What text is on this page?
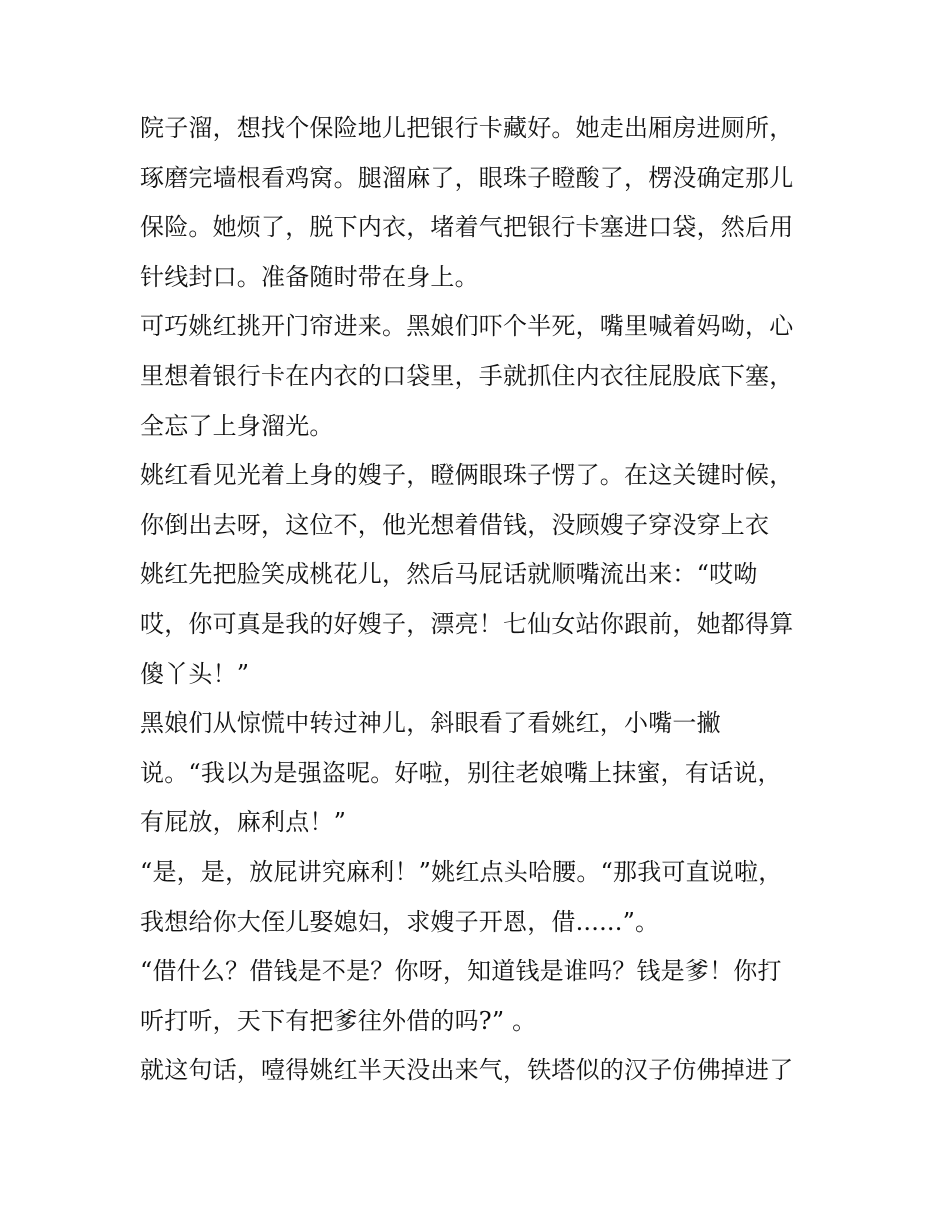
院子溜，想找个保险地儿把银行卡藏好。她走出厢房进厕所，
琢磨完墙根看鸡窝。腿溜麻了，眼珠子瞪酸了，楞没确定那儿
保险。她烦了，脱下内衣，堵着气把银行卡塞进口袋，然后用
针线封口。准备随时带在身上。
可巧姚红挑开门帘进来。黑娘们吓个半死，嘴里喊着妈呦，心
里想着银行卡在内衣的口袋里，手就抓住内衣往屁股底下塞，
全忘了上身溜光。
姚红看见光着上身的嫂子，瞪俩眼珠子愣了。在这关键时候，
你倒出去呀，这位不，他光想着借钱，没顾嫂子穿没穿上衣
姚红先把脸笑成桃花儿，然后马屁话就顺嘴流出来：“哎呦
哎，你可真是我的好嫂子，漂亮！七仙女站你跟前，她都得算
傻丫头！”
黑娘们从惊慌中转过神儿，斜眼看了看姚红，小嘴一撇
说。“我以为是强盗呢。好啦，别往老娘嘴上抹蜜，有话说，
有屁放，麻利点！”
“是，是，放屁讲究麻利！”姚红点头哈腰。“那我可直说啦，
我想给你大侄儿娶媳妇，求嫂子开恩，借......”。
“借什么？借钱是不是？你呀，知道钱是谁吗？钱是爹！你打
听打听，天下有把爹往外借的吗?” 。
就这句话，噎得姚红半天没出来气，铁塔似的汉子仿佛掉进了
